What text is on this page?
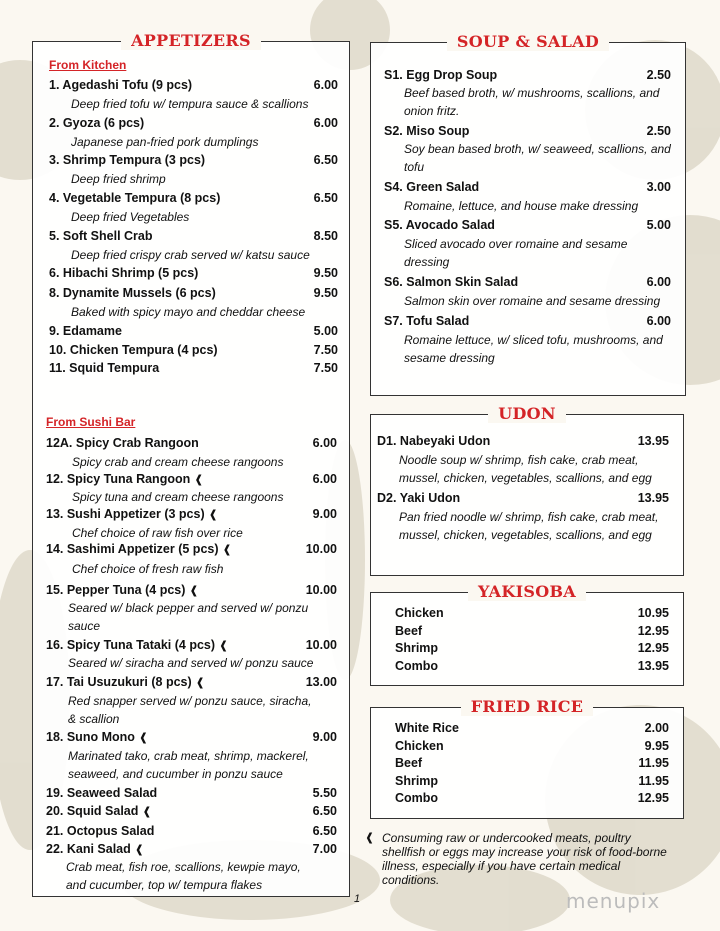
APPETIZERS
From Kitchen
1. Agedashi Tofu (9 pcs)	6.00
Deep fried tofu w/ tempura sauce & scallions
2. Gyoza (6 pcs)	6.00
Japanese pan-fried pork dumplings
3. Shrimp Tempura (3 pcs)	6.50
Deep fried shrimp
4. Vegetable Tempura (8 pcs)	6.50
Deep fried Vegetables
5. Soft Shell Crab	8.50
Deep fried crispy crab served w/ katsu sauce
6. Hibachi Shrimp (5 pcs)	9.50
8. Dynamite Mussels (6 pcs)	9.50
Baked with spicy mayo and cheddar cheese
9. Edamame	5.00
10. Chicken Tempura (4 pcs)	7.50
11. Squid Tempura	7.50
From Sushi Bar
12A. Spicy Crab Rangoon	6.00
Spicy crab and cream cheese rangoons
12. Spicy Tuna Rangoon ❰	6.00
Spicy tuna and cream cheese rangoons
13. Sushi Appetizer (3 pcs) ❰	9.00
Chef choice of raw fish over rice
14. Sashimi Appetizer (5 pcs) ❰	10.00
Chef choice of fresh raw fish
15. Pepper Tuna (4 pcs) ❰	10.00
Seared w/ black pepper and served w/ ponzu sauce
16. Spicy Tuna Tataki (4 pcs) ❰	10.00
Seared w/ siracha and served w/ ponzu sauce
17. Tai Usuzukuri (8 pcs) ❰	13.00
Red snapper served w/ ponzu sauce, siracha, & scallion
18. Suno Mono ❰	9.00
Marinated tako, crab meat, shrimp, mackerel, seaweed, and cucumber in ponzu sauce
19. Seaweed Salad	5.50
20. Squid Salad ❰	6.50
21. Octopus Salad	6.50
22. Kani Salad ❰	7.00
Crab meat, fish roe, scallions, kewpie mayo, and cucumber, top w/ tempura flakes
SOUP & SALAD
S1. Egg Drop Soup	2.50
Beef based broth, w/ mushrooms, scallions, and onion fritz.
S2. Miso Soup	2.50
Soy bean based broth, w/ seaweed, scallions, and tofu
S4. Green Salad	3.00
Romaine, lettuce, and house make dressing
S5. Avocado Salad	5.00
Sliced avocado over romaine and sesame dressing
S6. Salmon Skin Salad	6.00
Salmon skin over romaine and sesame dressing
S7. Tofu Salad	6.00
Romaine lettuce, w/ sliced tofu, mushrooms, and sesame dressing
UDON
D1. Nabeyaki Udon	13.95
Noodle soup w/ shrimp, fish cake, crab meat, mussel, chicken, vegetables, scallions, and egg
D2. Yaki Udon	13.95
Pan fried noodle w/ shrimp, fish cake, crab meat, mussel, chicken, vegetables, scallions, and egg
YAKISOBA
Chicken	10.95
Beef	12.95
Shrimp	12.95
Combo	13.95
FRIED RICE
White Rice	2.00
Chicken	9.95
Beef	11.95
Shrimp	11.95
Combo	12.95
❰ Consuming raw or undercooked meats, poultry shellfish or eggs may increase your risk of food-borne illness, especially if you have certain medical conditions.
1	menupix
